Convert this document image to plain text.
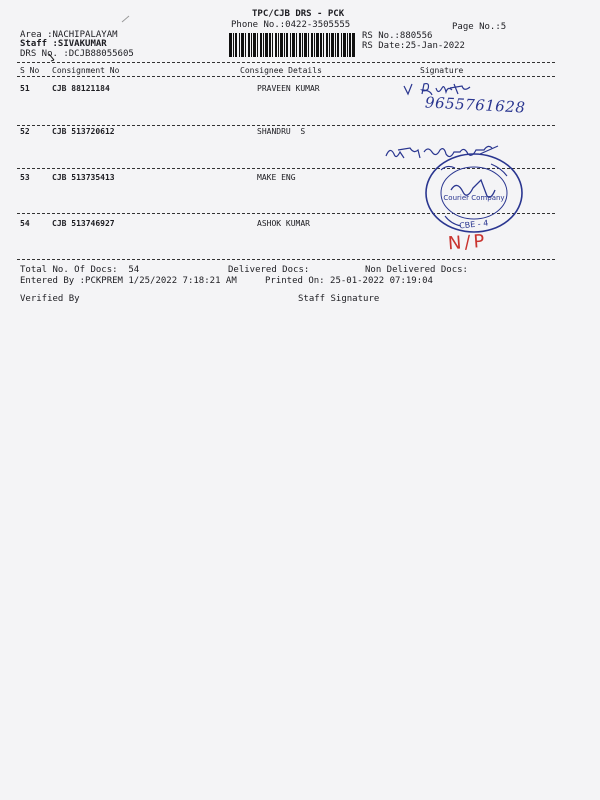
TPC/CJB DRS - PCK
Phone No.:0422-3505555	Page No.:5
Area :NACHIPALAYAM
Staff :SIVAKUMAR
DRS No. :DCJB88055605
RS No.:880556
RS Date:25-Jan-2022
S No Consignment No	Consignee Details	Signature
51	CJB 88121184	PRAVEEN KUMAR
9655761628
52	CJB 513720612	SHANDRU  S
53	CJB 513735413	MAKE ENG
54	CJB 513746927	ASHOK KUMAR
Courier Company
CBE - 4
N/P
Total No. Of Docs:  54	Delivered Docs:	Non Delivered Docs:
Entered By :PCKPREM 1/25/2022 7:18:21 AM	Printed On: 25-01-2022 07:19:04
Verified By	Staff Signature
